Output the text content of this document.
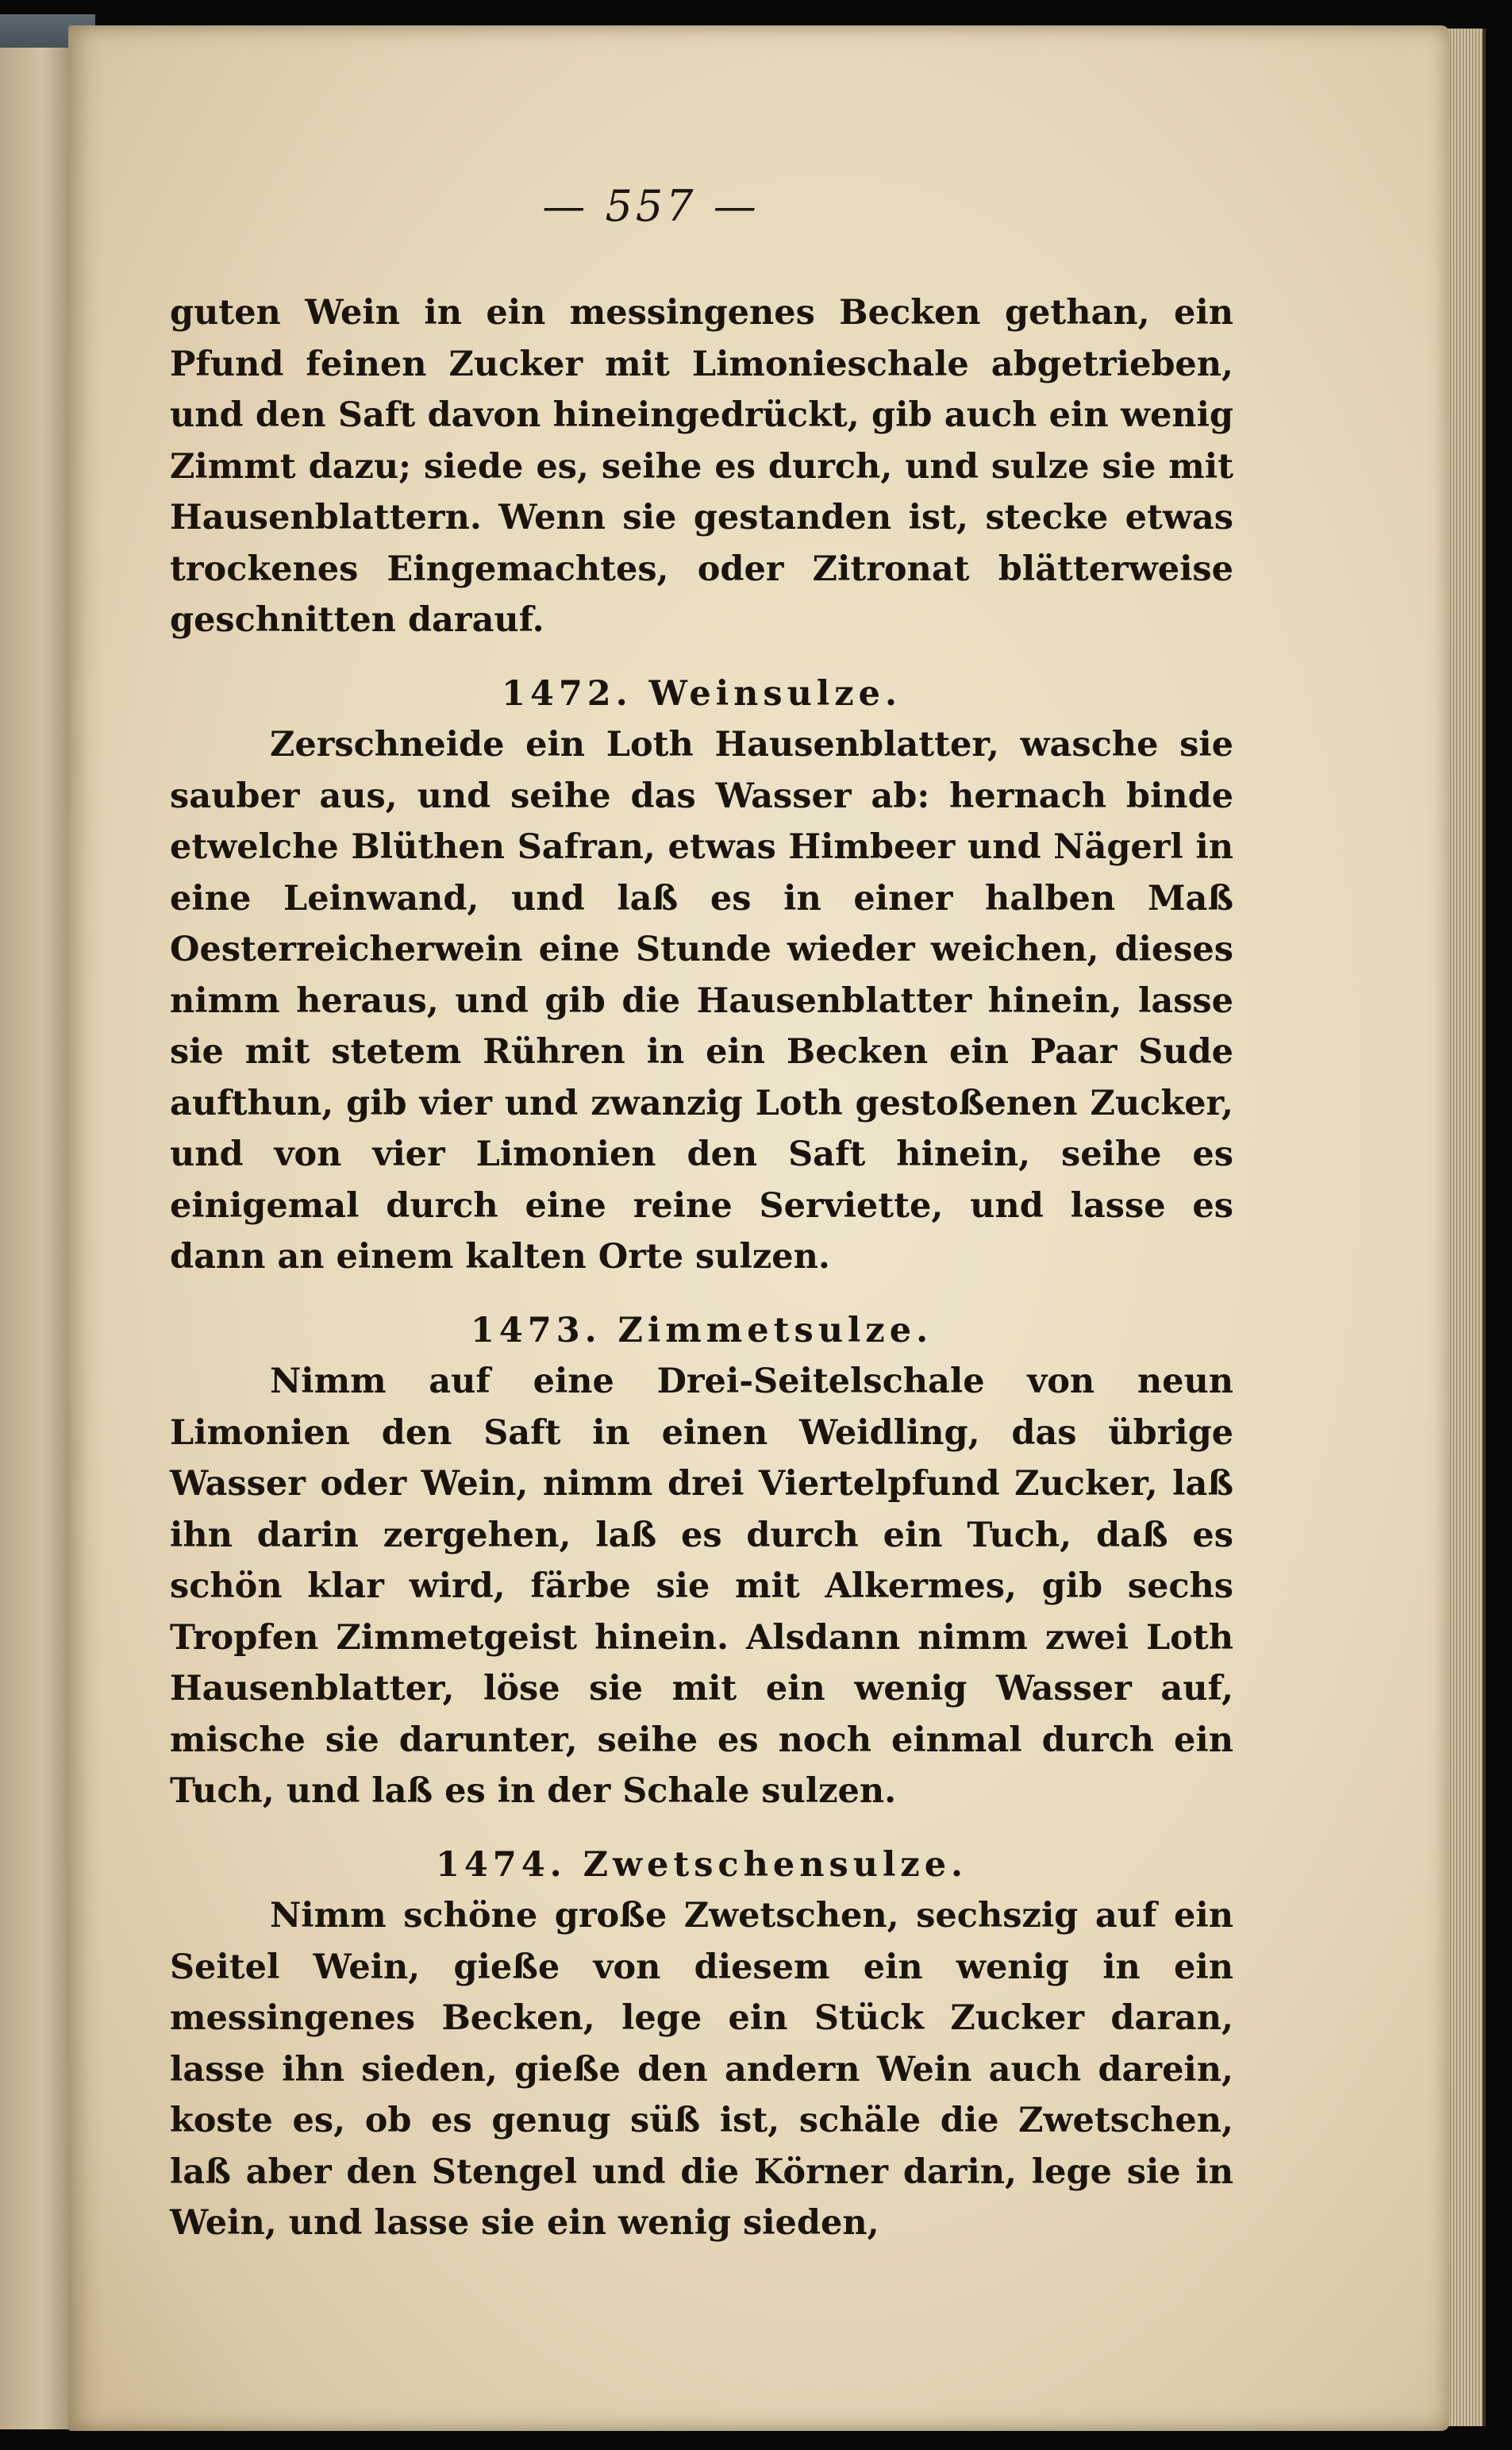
— 557 —

guten Wein in ein messingenes Becken gethan, ein Pfund feinen Zucker mit Limonieschale abgetrieben, und den Saft davon hineingedrückt, gib auch ein wenig Zimmt dazu; siede es, seihe es durch, und sulze sie mit Hausenblattern. Wenn sie gestanden ist, stecke etwas trockenes Eingemachtes, oder Zitronat blätterweise geschnitten darauf.

1472. Weinsulze.

Zerschneide ein Loth Hausenblatter, wasche sie sauber aus, und seihe das Wasser ab: hernach binde etwelche Blüthen Safran, etwas Himbeer und Nägerl in eine Leinwand, und laß es in einer halben Maß Oesterreicherwein eine Stunde wieder weichen, dieses nimm heraus, und gib die Hausenblatter hinein, lasse sie mit stetem Rühren in ein Becken ein Paar Sude aufthun, gib vier und zwanzig Loth gestoßenen Zucker, und von vier Limonien den Saft hinein, seihe es einigemal durch eine reine Serviette, und lasse es dann an einem kalten Orte sulzen.

1473. Zimmetsulze.

Nimm auf eine Drei-Seitelschale von neun Limonien den Saft in einen Weidling, das übrige Wasser oder Wein, nimm drei Viertelpfund Zucker, laß ihn darin zergehen, laß es durch ein Tuch, daß es schön klar wird, färbe sie mit Alkermes, gib sechs Tropfen Zimmetgeist hinein. Alsdann nimm zwei Loth Hausenblatter, löse sie mit ein wenig Wasser auf, mische sie darunter, seihe es noch einmal durch ein Tuch, und laß es in der Schale sulzen.

1474. Zwetschensulze.

Nimm schöne große Zwetschen, sechszig auf ein Seitel Wein, gieße von diesem ein wenig in ein messingenes Becken, lege ein Stück Zucker daran, lasse ihn sieden, gieße den andern Wein auch darein, koste es, ob es genug süß ist, schäle die Zwetschen, laß aber den Stengel und die Körner darin, lege sie in Wein, und lasse sie ein wenig sieden,
